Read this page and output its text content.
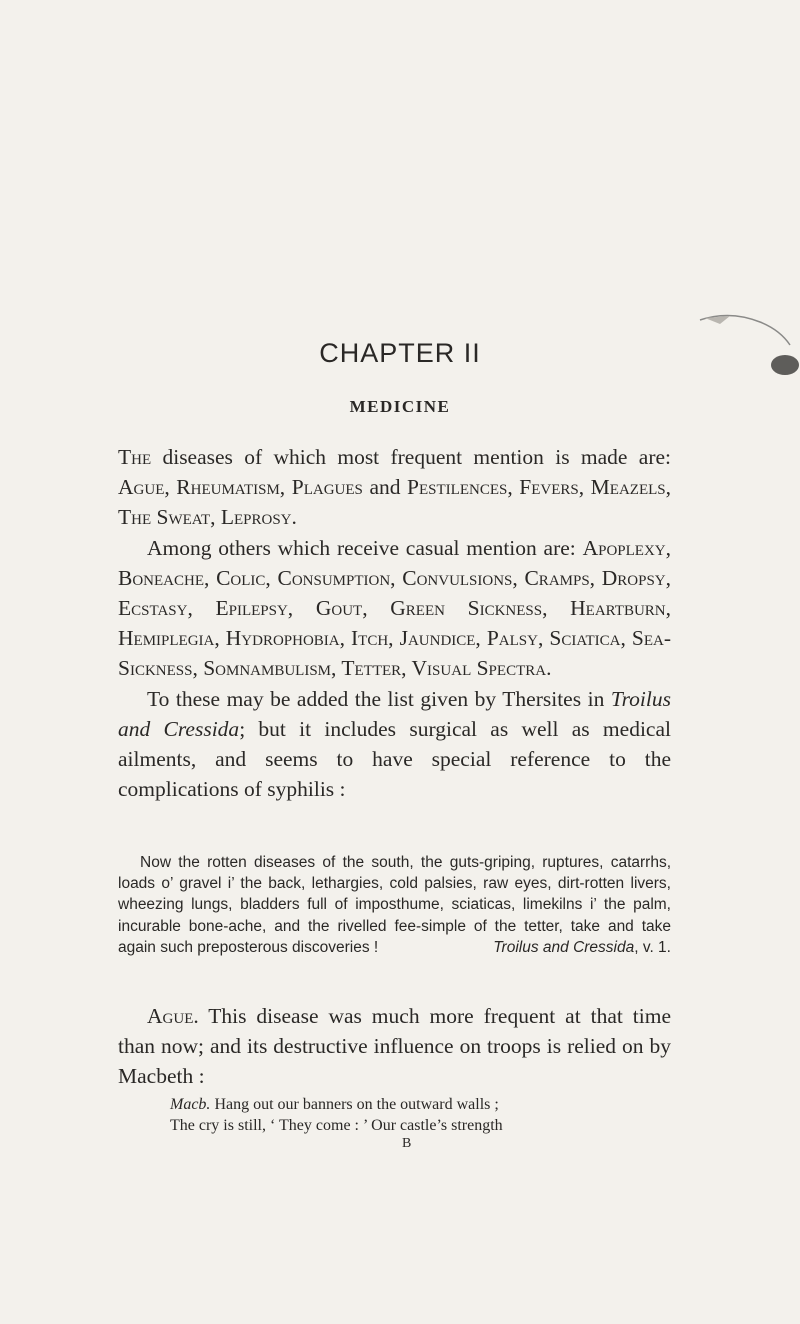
CHAPTER II
MEDICINE

The diseases of which most frequent mention is made are: Ague, Rheumatism, Plagues and Pestilences, Fevers, Meazels, The Sweat, Leprosy.

Among others which receive casual mention are: Apoplexy, Boneache, Colic, Consumption, Convulsions, Cramps, Dropsy, Ecstasy, Epilepsy, Gout, Green Sickness, Heartburn, Hemiplegia, Hydrophobia, Itch, Jaundice, Palsy, Sciatica, Sea-Sickness, Somnambulism, Tetter, Visual Spectra.

To these may be added the list given by Thersites in Troilus and Cressida; but it includes surgical as well as medical ailments, and seems to have special reference to the complications of syphilis :

Now the rotten diseases of the south, the guts-griping, ruptures, catarrhs, loads o’ gravel i’ the back, lethargies, cold palsies, raw eyes, dirt-rotten livers, wheezing lungs, bladders full of imposthume, sciaticas, limekilns i’ the palm, incurable bone-ache, and the rivelled fee-simple of the tetter, take and take again such preposterous discoveries !	Troilus and Cressida, v. 1.

Ague. This disease was much more frequent at that time than now; and its destructive influence on troops is relied on by Macbeth :

Macb. Hang out our banners on the outward walls ;
The cry is still, ‘ They come : ’ Our castle’s strength
B
